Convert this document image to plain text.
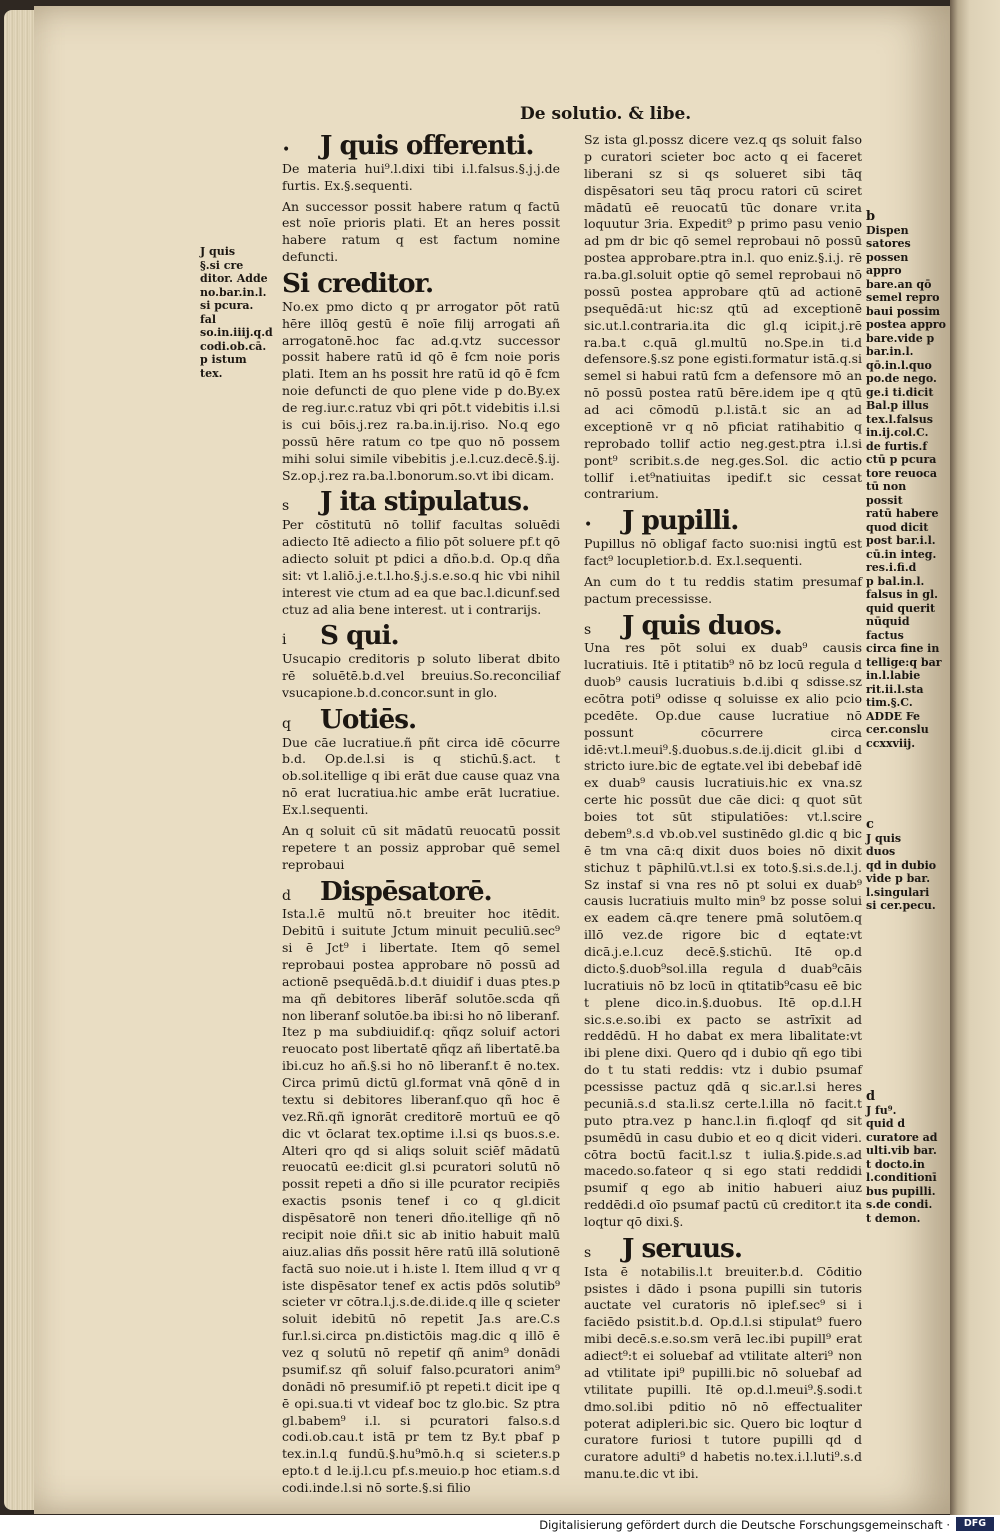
De solutio. & libe.
J quis
§.si cre
ditor. Adde
no.bar.in.l.
si pcura. fal
so.in.iiij.q.d
codi.ob.cā.
p istum tex.
• J quis offerenti.

De materia hui⁹.l.dixi tibi i.l.falsus.§.j.j.de furtis. Ex.§.sequenti.

An successor possit habere ratum q factū est noīe prioris plati. Et an heres possit habere ratum q est factum nomine defuncti.

Si creditor.

No.ex pmo dicto q pr arrogator pōt ratū hēre illōq gestū ē noīe filij arrogati añ arrogatonē.hoc fac ad.q.vtz successor possit habere ratū id qō ē fcm noie poris plati. Item an hs possit hre ratū id qō ē fcm noie defuncti de quo plene vide p do.By.ex de reg.iur.c.ratuz vbi qri pōt.t videbitis i.l.si is cui bōis.j.rez ra.ba.in.ij.riso. No.q ego possū hēre ratum co tpe quo nō possem mihi solui simile vibebitis j.e.l.cuz.decē.§.ij. Sz.op.j.rez ra.ba.l.bonorum.so.vt ibi dicam.

s J ita stipulatus.

Per cōstitutū nō tollif facultas soluēdi adiecto Itē adiecto a filio pōt soluere pf.t qō adiecto soluit pt pdici a dño.b.d. Op.q dña sit: vt l.aliō.j.e.t.l.ho.§.j.s.e.so.q hic vbi nihil interest vie ctum ad ea que bac.l.dicunf.sed ctuz ad alia bene interest. ut i contrarijs.

i S qui.

Usucapio creditoris p soluto liberat dbito rē soluētē.b.d.vel breuius.So.reconciliaf vsucapione.b.d.concor.sunt in glo.

q Uotiēs.

Due cāe lucratiue.ñ pñt circa idē cōcurre b.d. Op.de.l.si is q stichū.§.act. t ob.sol.itellige q ibi erāt due cause quaz vna nō erat lucratiua.hic ambe erāt lucratiue. Ex.l.sequenti.

An q soluit cū sit mādatū reuocatū possit repetere t an possiz approbar quē semel reprobaui

d Dispēsatorē.

Ista.l.ē multū nō.t breuiter hoc itēdit. Debitū i suitute Jctum minuit peculiū.sec⁹ si ē Jct⁹ i libertate. Item qō semel reprobaui postea approbare nō possū ad actionē psequēdā.b.d.t diuidif i duas ptes.p ma qñ debitores liberāf solutōe.scda qñ non liberanf solutōe.ba ibi:si ho nō liberanf. Itez p ma subdiuidif.q: qñqz soluif actori reuocato post libertatē qñqz añ libertatē.ba ibi.cuz ho añ.§.si ho nō liberanf.t ē no.tex. Circa primū dictū gl.format vnā qōnē d in textu si debitores liberanf.quo qñ hoc ē vez.Rñ.qñ ignorāt creditorē mortuū ee qō dic vt ōclarat tex.optime i.l.si qs buos.s.e. Alteri qro qd si aliqs soluit sciēf mādatū reuocatū ee:dicit gl.si pcuratori solutū nō possit repeti a dño si ille pcurator recipiēs exactis psonis tenef i co q gl.dicit dispēsatorē non teneri dño.itellige qñ nō recipit noie dñi.t sic ab initio habuit malū aiuz.alias dñs possit hēre ratū illā solutionē factā suo noie.ut i h.iste l. Item illud q vr q iste dispēsator tenef ex actis pdōs solutib⁹ scieter vr cōtra.l.j.s.de.di.ide.q ille q scieter soluit idebitū nō repetit Ja.s are.C.s fur.l.si.circa pn.distictōis mag.dic q illō ē vez q solutū nō repetif qñ anim⁹ donādi psumif.sz qñ soluif falso.pcuratori anim⁹ donādi nō presumif.iō pt repeti.t dicit ipe q ē opi.sua.ti vt videaf boc tz glo.bic. Sz ptra gl.babem⁹ i.l. si pcuratori falso.s.d codi.ob.cau.t istā pr tem tz By.t pbaf p tex.in.l.q fundū.§.hu⁹mō.h.q si scieter.s.p epto.t d le.ij.l.cu pf.s.meuio.p hoc etiam.s.d codi.inde.l.si nō sorte.§.si filio

Sz ista gl.possz dicere vez.q qs soluit falso p curatori scieter boc acto q ei faceret liberani sz si qs solueret sibi tāq dispēsatori seu tāq procu ratori cū sciret mādatū eē reuocatū tūc donare vr.ita loquutur 3ria. Expedit⁹ p primo pasu venio ad pm dr bic qō semel reprobaui nō possū postea approbare.ptra in.l. quo eniz.§.i.j. rē ra.ba.gl.soluit optie qō semel reprobaui nō possū postea approbare qtū ad actionē psequēdā:ut hic:sz qtū ad exceptionē sic.ut.l.contraria.ita dic gl.q icipit.j.rē ra.ba.t c.quā gl.multū no.Spe.in ti.d defensore.§.sz pone egisti.formatur istā.q.si semel si habui ratū fcm a defensore mō an nō possū postea ratū bēre.idem ipe q qtū ad aci cōmodū p.l.istā.t sic an ad exceptionē vr q nō pficiat ratihabitio q reprobado tollif actio neg.gest.ptra i.l.si pont⁹ scribit.s.de neg.ges.Sol. dic actio tollif i.et⁹natiuitas ipedif.t sic cessat contrarium.

• J pupilli.

Pupillus nō obligaf facto suo:nisi ingtū est fact⁹ locupletior.b.d. Ex.l.sequenti.

An cum do t tu reddis statim presumaf pactum precessisse.

s J quis duos.

Una res pōt solui ex duab⁹ causis lucratiuis. Itē i ptitatib⁹ nō bz locū regula d duob⁹ causis lucratiuis b.d.ibi q sdisse.sz ecōtra poti⁹ odisse q soluisse ex alio pcio pcedēte. Op.due cause lucratiue nō possunt cōcurrere circa idē:vt.l.meui⁹.§.duobus.s.de.ij.dicit gl.ibi d stricto iure.bic de egtate.vel ibi debebaf idē ex duab⁹ causis lucratiuis.hic ex vna.sz certe hic possūt due cāe dici: q quot sūt boies tot sūt stipulatiōes: vt.l.scire debem⁹.s.d vb.ob.vel sustinēdo gl.dic q bic ē tm vna cā:q dixit duos boies nō dixit stichuz t pāphilū.vt.l.si ex toto.§.si.s.de.l.j. Sz instaf si vna res nō pt solui ex duab⁹ causis lucratiuis multo min⁹ bz posse solui ex eadem cā.qre tenere pmā solutōem.q illō vez.de rigore bic d eqtate:vt dicā.j.e.l.cuz decē.§.stichū. Itē op.d dicto.§.duob⁹sol.illa regula d duab⁹cāis lucratiuis nō bz locū in qtitatib⁹casu eē bic t plene dico.in.§.duobus. Itē op.d.l.H sic.s.e.so.ibi ex pacto se astrīxit ad reddēdū. H ho dabat ex mera libalitate:vt ibi plene dixi. Quero qd i dubio qñ ego tibi do t tu stati reddis: vtz i dubio psumaf pcessisse pactuz qdā q sic.ar.l.si heres pecuniā.s.d sta.li.sz certe.l.illa nō facit.t puto ptra.vez p hanc.l.in fi.qloqf qd sit psumēdū in casu dubio et eo q dicit videri. cōtra boctū facit.l.sz t iulia.§.pide.s.ad macedo.so.fateor q si ego stati reddidi psumif q ego ab initio habueri aiuz reddēdi.d oīo psumaf pactū cū creditor.t ita loqtur qō dixi.§.

s J seruus.

Ista ē notabilis.l.t breuiter.b.d. Cōditio psistes i dādo i psona pupilli sin tutoris auctate vel curatoris nō iplef.sec⁹ si i faciēdo psistit.b.d. Op.d.l.si stipulat⁹ fuero mibi decē.s.e.so.sm verā lec.ibi pupill⁹ erat adiect⁹:t ei soluebaf ad vtilitate alteri⁹ non ad vtilitate ipi⁹ pupilli.bic nō soluebaf ad vtilitate pupilli. Itē op.d.l.meui⁹.§.sodi.t dmo.sol.ibi pditio nō nō effectualiter poterat adipleri.bic sic. Quero bic loqtur d curatore furiosi t tutore pupilli qd d curatore adulti⁹ d habetis no.tex.i.l.luti⁹.s.d manu.te.dic vt ibi.

b
Dispen
satores
possen appro
bare.an qō
semel repro
baui possim
postea appro
bare.vide p
bar.in.l.
qō.in.l.quo
po.de nego.
ge.i ti.dicit
Bal.p illus
tex.l.falsus
in.ij.col.C.
de furtis.f
ctū p pcura
tore reuoca
tū non possit
ratū habere
quod dicit
post bar.i.l.
cū.in integ.
res.i.fi.d
p bal.in.l.
falsus in gl.
quid querit
nūquid factus
circa fine in
tellige:q bar
in.l.labie
rit.ii.l.sta
tim.§.C.
ADDE Fe
cer.conslu
ccxxviij.
c
J quis
duos
qd in dubio
vide p bar.
l.singulari
si cer.pecu.
d
J fu⁹.
quid d
curatore ad
ulti.vib bar.
t docto.in
l.conditionī
bus pupilli.
s.de condi.
t demon.
Digitalisierung gefördert durch die Deutsche Forschungsgemeinschaft ·	DFG
